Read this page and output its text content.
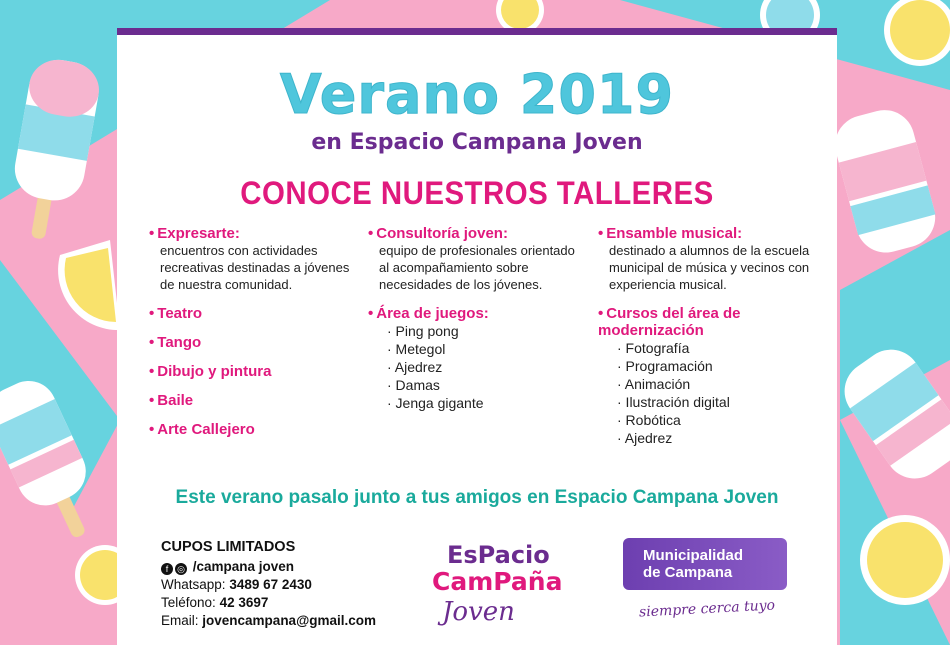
Verano 2019
en Espacio Campana Joven
CONOCE NUESTROS TALLERES
• Expresarte:
encuentros con actividades recreativas destinadas a jóvenes de nuestra comunidad.
• Teatro
• Tango
• Dibujo y pintura
• Baile
• Arte Callejero
• Consultoría joven:
equipo de profesionales orientado al acompañamiento sobre necesidades de los jóvenes.
• Área de juegos:
· Ping pong
· Metegol
· Ajedrez
· Damas
· Jenga gigante
• Ensamble musical:
destinado a alumnos de la escuela municipal de música y vecinos con experiencia musical.
• Cursos del área de modernización
· Fotografía
· Programación
· Animación
· Ilustración digital
· Robótica
· Ajedrez
Este verano pasalo junto a tus amigos en Espacio Campana Joven
CUPOS LIMITADOS
f ◎ /campana joven
Whatsapp: 3489 67 2430
Teléfono: 42 3697
Email: jovencampana@gmail.com
EsPacio
CamPaña
Joven
Municipalidad
de Campana
siempre cerca tuyo
